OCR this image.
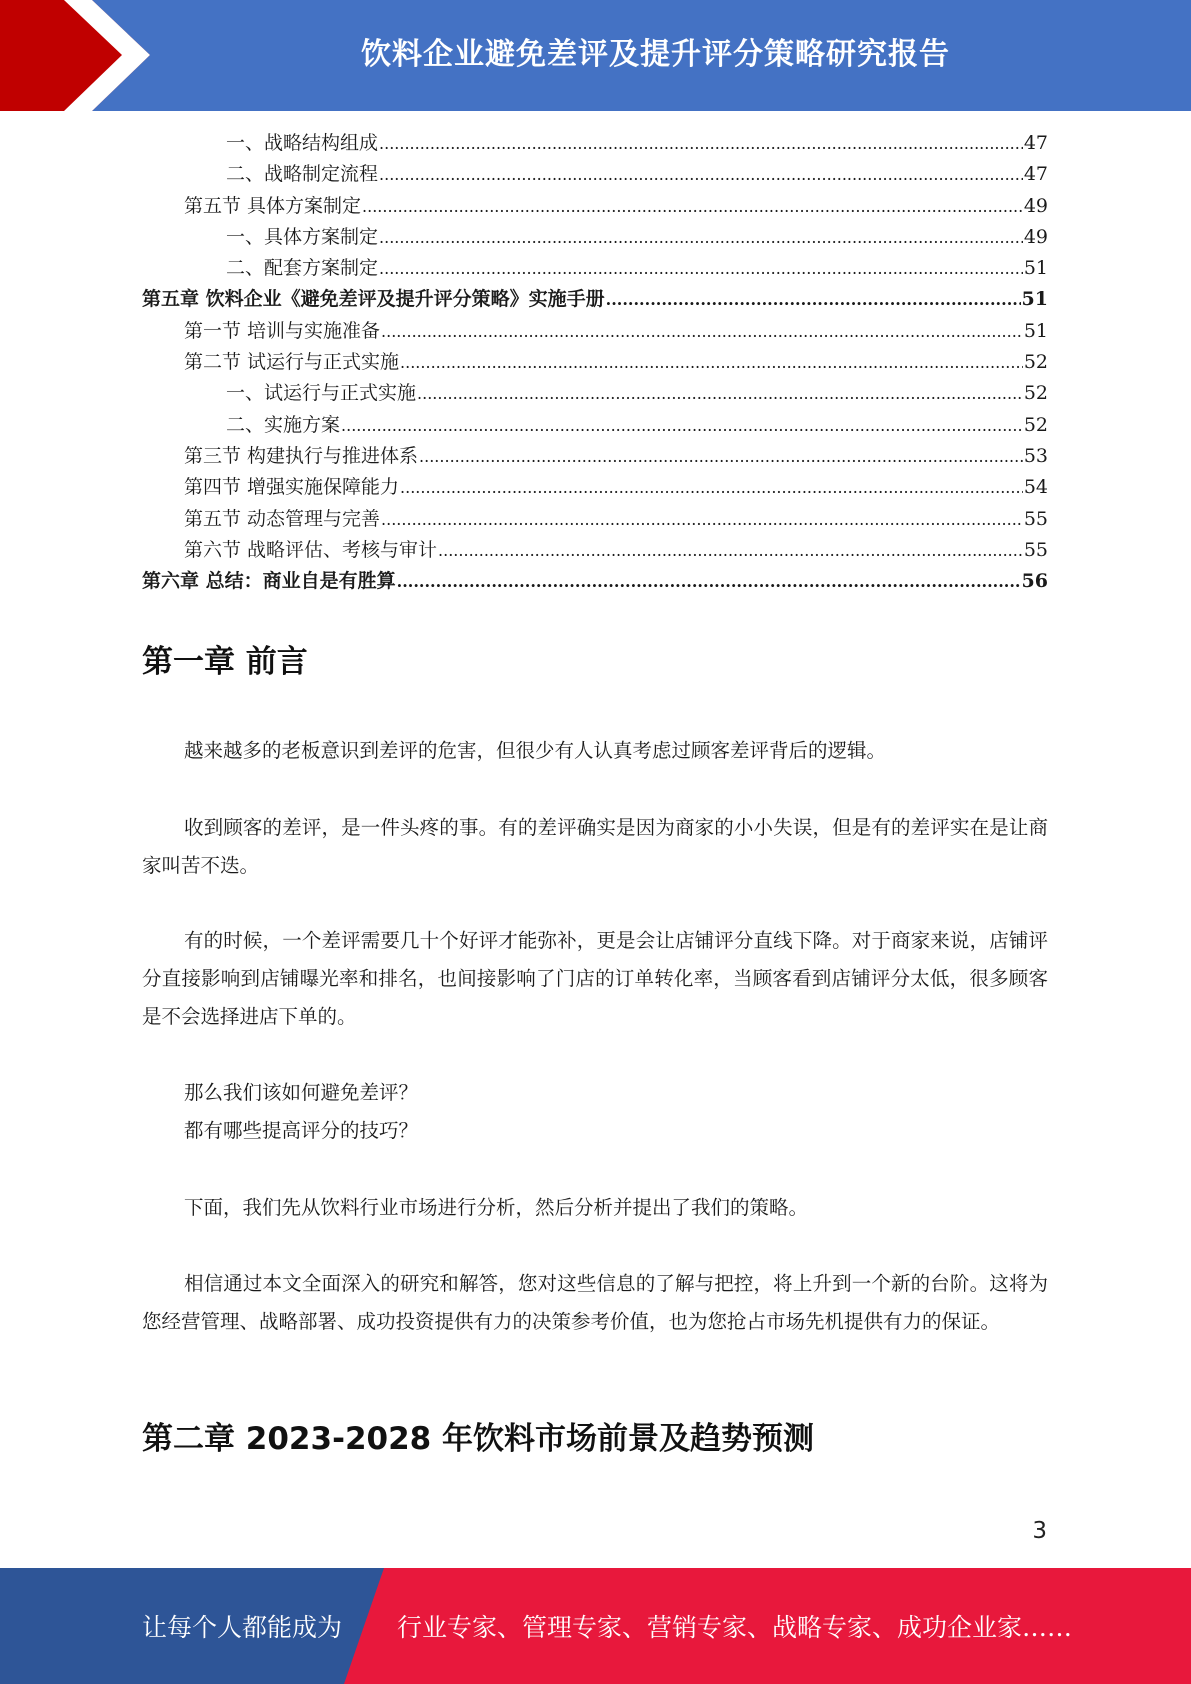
饮料企业避免差评及提升评分策略研究报告
一、战略结构组成 .....	47
二、战略制定流程 .....	47
第五节 具体方案制定 .....	49
一、具体方案制定 .....	49
二、配套方案制定 .....	51
第五章 饮料企业《避免差评及提升评分策略》实施手册 .....	51
第一节 培训与实施准备 .....	51
第二节 试运行与正式实施 .....	52
一、试运行与正式实施 .....	52
二、实施方案 .....	52
第三节 构建执行与推进体系 .....	53
第四节 增强实施保障能力 .....	54
第五节 动态管理与完善 .....	55
第六节 战略评估、考核与审计 .....	55
第六章 总结：商业自是有胜算 .....	56
第一章 前言

越来越多的老板意识到差评的危害，但很少有人认真考虑过顾客差评背后的逻辑。

收到顾客的差评，是一件头疼的事。有的差评确实是因为商家的小小失误，但是有的差评实在是让商家叫苦不迭。

有的时候，一个差评需要几十个好评才能弥补，更是会让店铺评分直线下降。对于商家来说，店铺评分直接影响到店铺曝光率和排名，也间接影响了门店的订单转化率，当顾客看到店铺评分太低，很多顾客是不会选择进店下单的。

那么我们该如何避免差评？

都有哪些提高评分的技巧？

下面，我们先从饮料行业市场进行分析，然后分析并提出了我们的策略。

相信通过本文全面深入的研究和解答，您对这些信息的了解与把控，将上升到一个新的台阶。这将为您经营管理、战略部署、成功投资提供有力的决策参考价值，也为您抢占市场先机提供有力的保证。

第二章 2023-2028 年饮料市场前景及趋势预测
3
让每个人都能成为 行业专家、管理专家、营销专家、战略专家、成功企业家……
